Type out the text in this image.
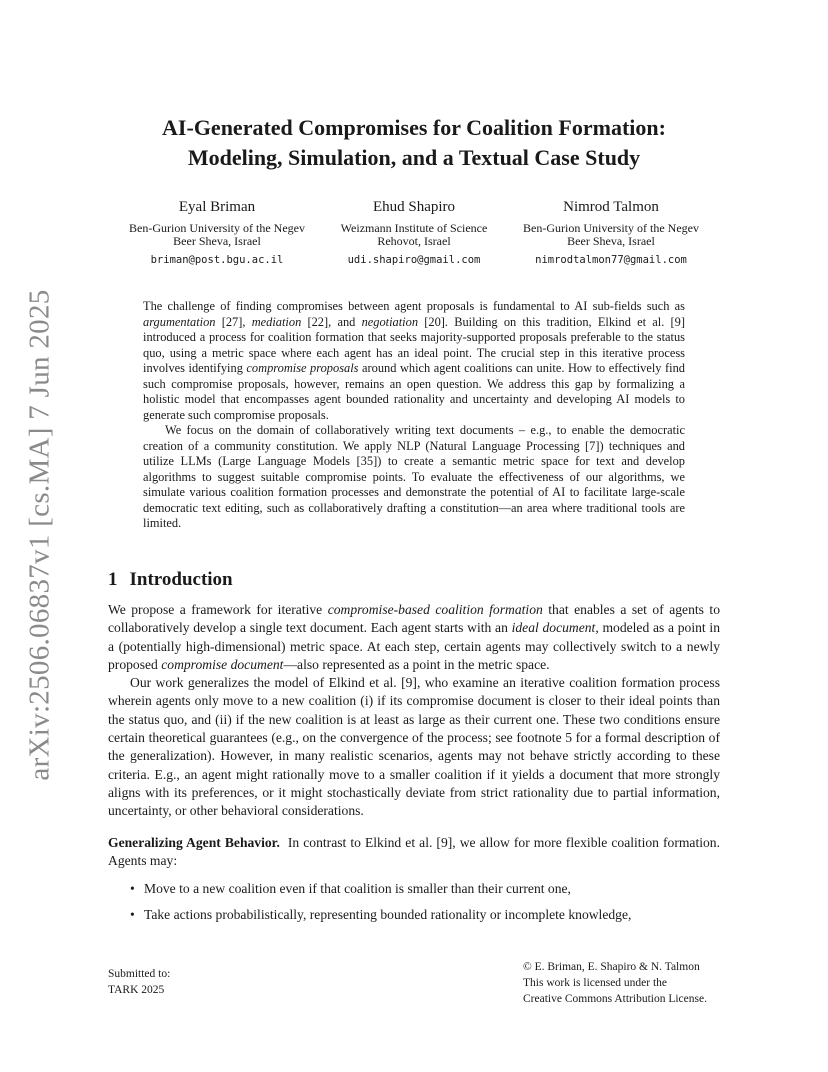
arXiv:2506.06837v1 [cs.MA] 7 Jun 2025
AI-Generated Compromises for Coalition Formation:
Modeling, Simulation, and a Textual Case Study
Eyal Briman
Ben-Gurion University of the Negev
Beer Sheva, Israel
briman@post.bgu.ac.il
Ehud Shapiro
Weizmann Institute of Science
Rehovot, Israel
udi.shapiro@gmail.com
Nimrod Talmon
Ben-Gurion University of the Negev
Beer Sheva, Israel
nimrodtalmon77@gmail.com

The challenge of finding compromises between agent proposals is fundamental to AI sub-fields such as argumentation [27], mediation [22], and negotiation [20]. Building on this tradition, Elkind et al. [9] introduced a process for coalition formation that seeks majority-supported proposals preferable to the status quo, using a metric space where each agent has an ideal point. The crucial step in this iterative process involves identifying compromise proposals around which agent coalitions can unite. How to effectively find such compromise proposals, however, remains an open question. We address this gap by formalizing a holistic model that encompasses agent bounded rationality and uncertainty and developing AI models to generate such compromise proposals.

We focus on the domain of collaboratively writing text documents – e.g., to enable the democratic creation of a community constitution. We apply NLP (Natural Language Processing [7]) techniques and utilize LLMs (Large Language Models [35]) to create a semantic metric space for text and develop algorithms to suggest suitable compromise points. To evaluate the effectiveness of our algorithms, we simulate various coalition formation processes and demonstrate the potential of AI to facilitate large-scale democratic text editing, such as collaboratively drafting a constitution—an area where traditional tools are limited.

1 Introduction

We propose a framework for iterative compromise-based coalition formation that enables a set of agents to collaboratively develop a single text document. Each agent starts with an ideal document, modeled as a point in a (potentially high-dimensional) metric space. At each step, certain agents may collectively switch to a newly proposed compromise document—also represented as a point in the metric space.

Our work generalizes the model of Elkind et al. [9], who examine an iterative coalition formation process wherein agents only move to a new coalition (i) if its compromise document is closer to their ideal points than the status quo, and (ii) if the new coalition is at least as large as their current one. These two conditions ensure certain theoretical guarantees (e.g., on the convergence of the process; see footnote 5 for a formal description of the generalization). However, in many realistic scenarios, agents may not behave strictly according to these criteria. E.g., an agent might rationally move to a smaller coalition if it yields a document that more strongly aligns with its preferences, or it might stochastically deviate from strict rationality due to partial information, uncertainty, or other behavioral considerations.

Generalizing Agent Behavior. In contrast to Elkind et al. [9], we allow for more flexible coalition formation. Agents may:

• Move to a new coalition even if that coalition is smaller than their current one,
• Take actions probabilistically, representing bounded rationality or incomplete knowledge,
Submitted to:
TARK 2025
© E. Briman, E. Shapiro & N. Talmon
This work is licensed under the
Creative Commons Attribution License.
